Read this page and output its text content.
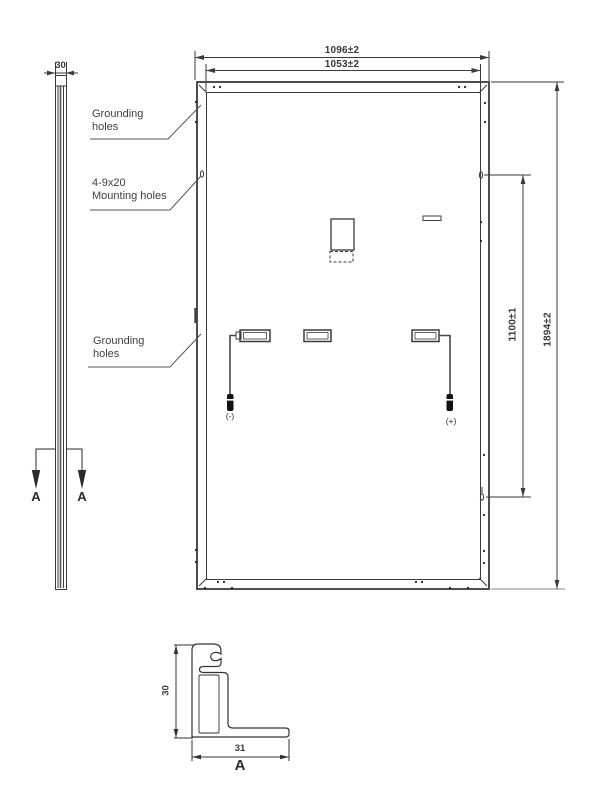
30
A	A
Grounding holes
4-9x20
Mounting holes
Grounding holes
1096±2
1053±2
1100±1 1894±2
(-)	(+)
30
31
A
